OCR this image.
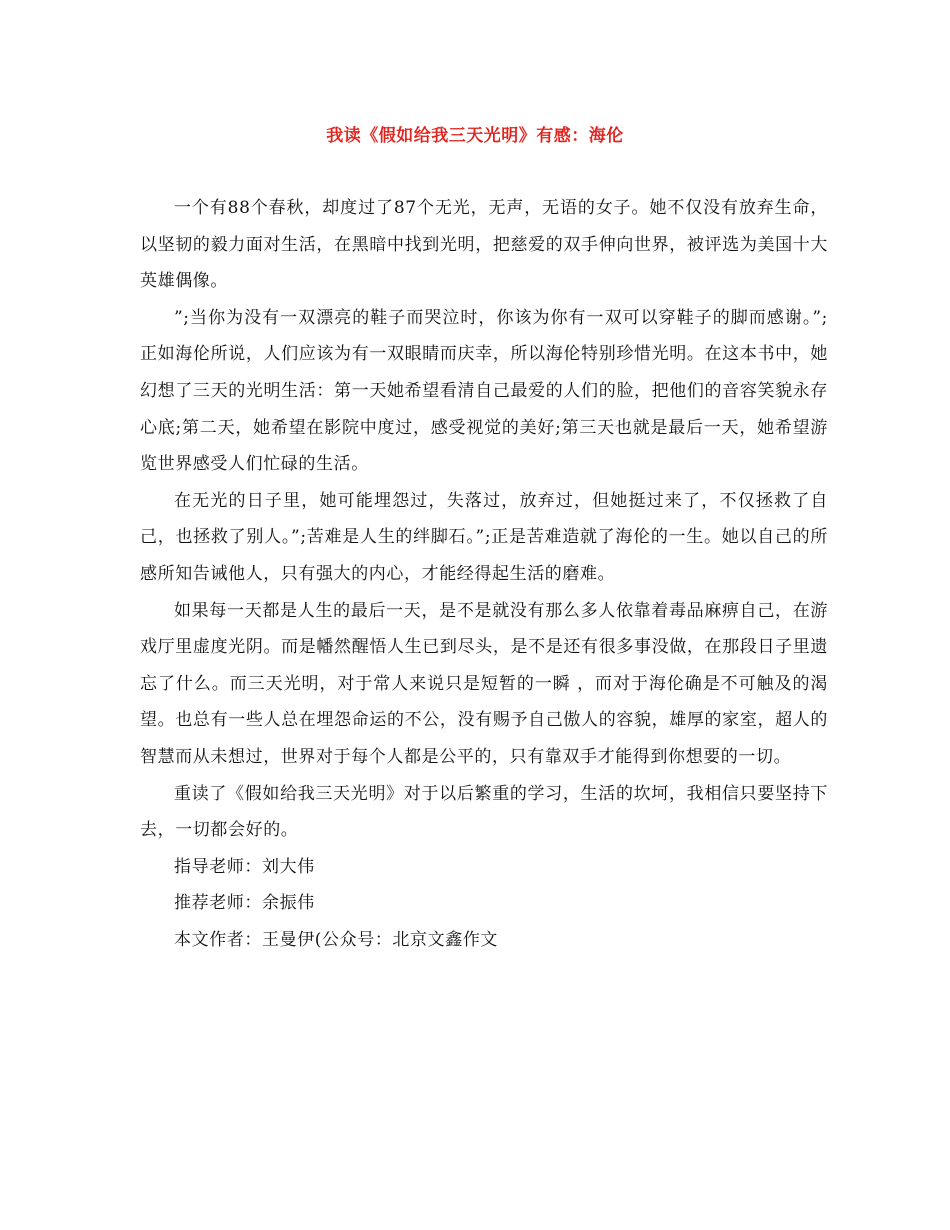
我读《假如给我三天光明》有感：海伦

一个有88个春秋，却度过了87个无光，无声，无语的女子。她不仅没有放弃生命，以坚韧的毅力面对生活，在黑暗中找到光明，把慈爱的双手伸向世界，被评选为美国十大英雄偶像。

”;当你为没有一双漂亮的鞋子而哭泣时，你该为你有一双可以穿鞋子的脚而感谢。”;正如海伦所说，人们应该为有一双眼睛而庆幸，所以海伦特别珍惜光明。在这本书中，她幻想了三天的光明生活：第一天她希望看清自己最爱的人们的脸，把他们的音容笑貌永存心底;第二天，她希望在影院中度过，感受视觉的美好;第三天也就是最后一天，她希望游览世界感受人们忙碌的生活。

在无光的日子里，她可能埋怨过，失落过，放弃过，但她挺过来了，不仅拯救了自己，也拯救了别人。”;苦难是人生的绊脚石。”;正是苦难造就了海伦的一生。她以自己的所感所知告诫他人，只有强大的内心，才能经得起生活的磨难。

如果每一天都是人生的最后一天，是不是就没有那么多人依靠着毒品麻痹自己，在游戏厅里虚度光阴。而是幡然醒悟人生已到尽头，是不是还有很多事没做，在那段日子里遗忘了什么。而三天光明，对于常人来说只是短暂的一瞬 ，而对于海伦确是不可触及的渴望。也总有一些人总在埋怨命运的不公，没有赐予自己傲人的容貌，雄厚的家室，超人的智慧而从未想过，世界对于每个人都是公平的，只有靠双手才能得到你想要的一切。

重读了《假如给我三天光明》对于以后繁重的学习，生活的坎坷，我相信只要坚持下去，一切都会好的。

指导老师：刘大伟

推荐老师：余振伟

本文作者：王曼伊(公众号：北京文鑫作文
